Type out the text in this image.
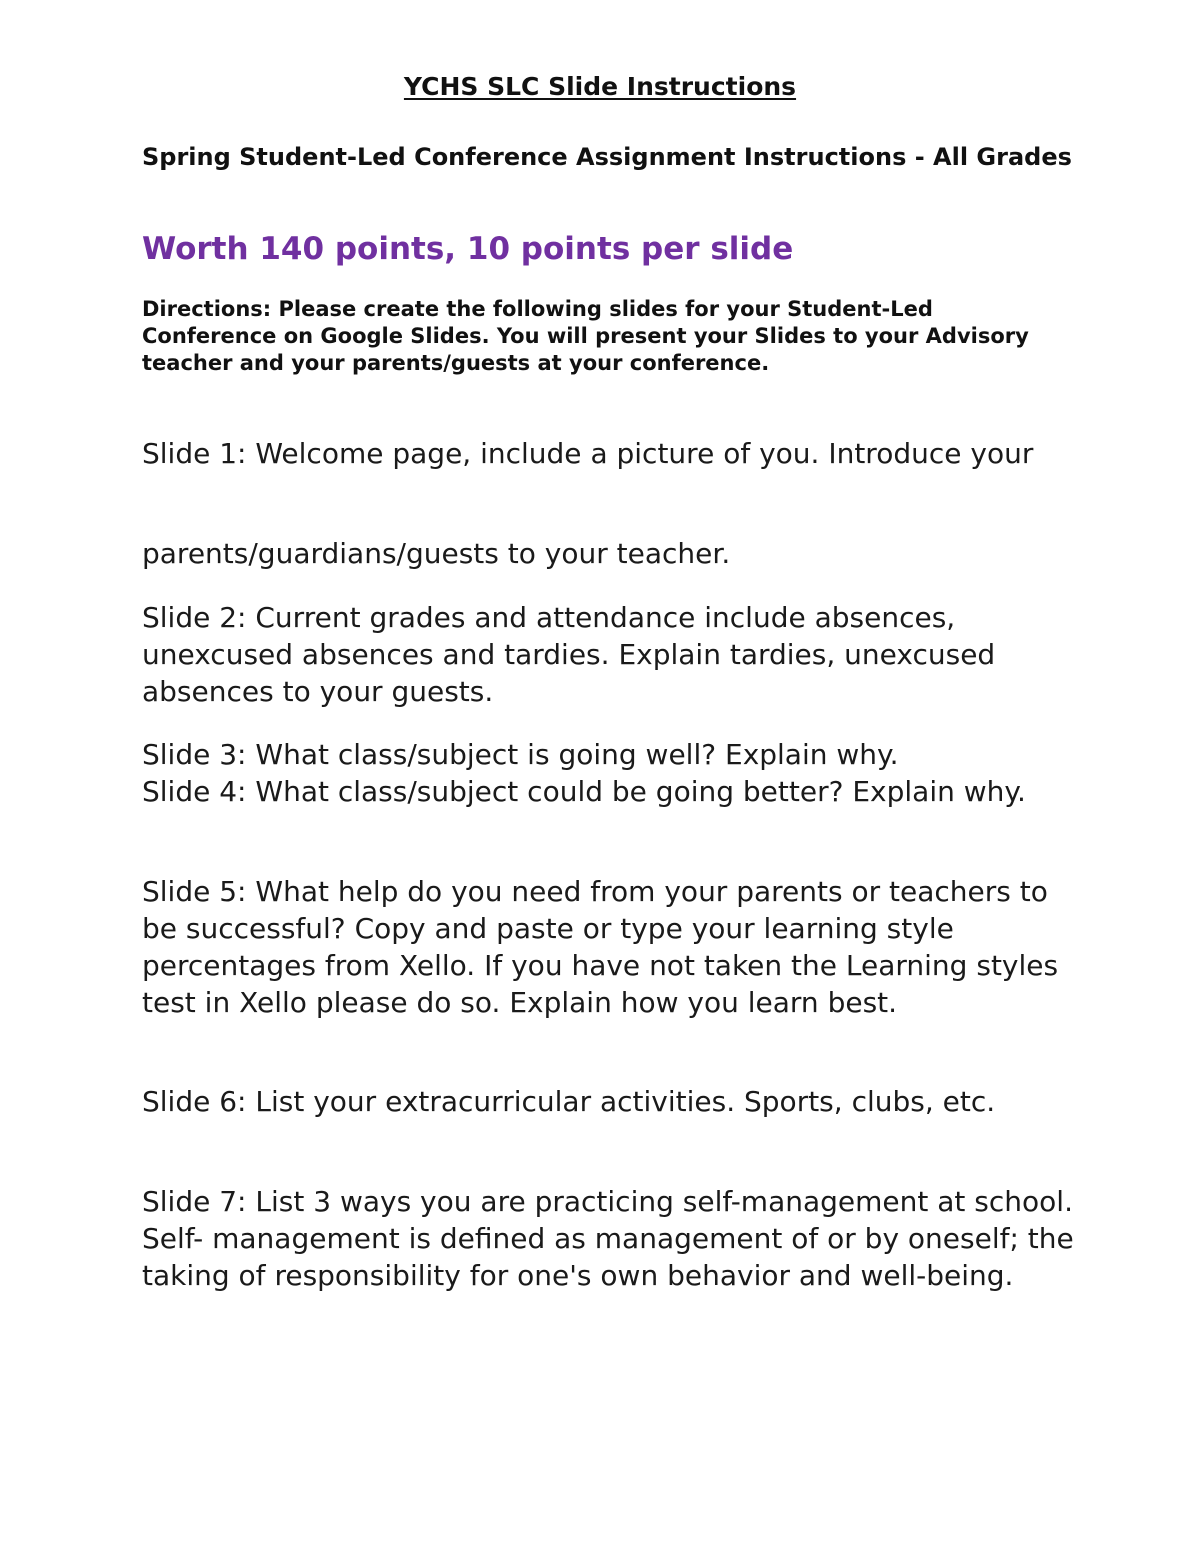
YCHS SLC Slide Instructions
Spring Student-Led Conference Assignment Instructions - All Grades
Worth 140 points, 10 points per slide
Directions: Please create the following slides for your Student-Led Conference on Google Slides. You will present your Slides to your Advisory teacher and your parents/guests at your conference.
Slide 1: Welcome page, include a picture of you. Introduce your
parents/guardians/guests to your teacher.
Slide 2: Current grades and attendance include absences, unexcused absences and tardies. Explain tardies, unexcused absences to your guests.
Slide 3: What class/subject is going well? Explain why.
Slide 4: What class/subject could be going better? Explain why.
Slide 5: What help do you need from your parents or teachers to be successful? Copy and paste or type your learning style percentages from Xello. If you have not taken the Learning styles test in Xello please do so. Explain how you learn best.
Slide 6: List your extracurricular activities. Sports, clubs, etc.
Slide 7: List 3 ways you are practicing self-management at school. Self- management is defined as management of or by oneself; the taking of responsibility for one's own behavior and well-being.
